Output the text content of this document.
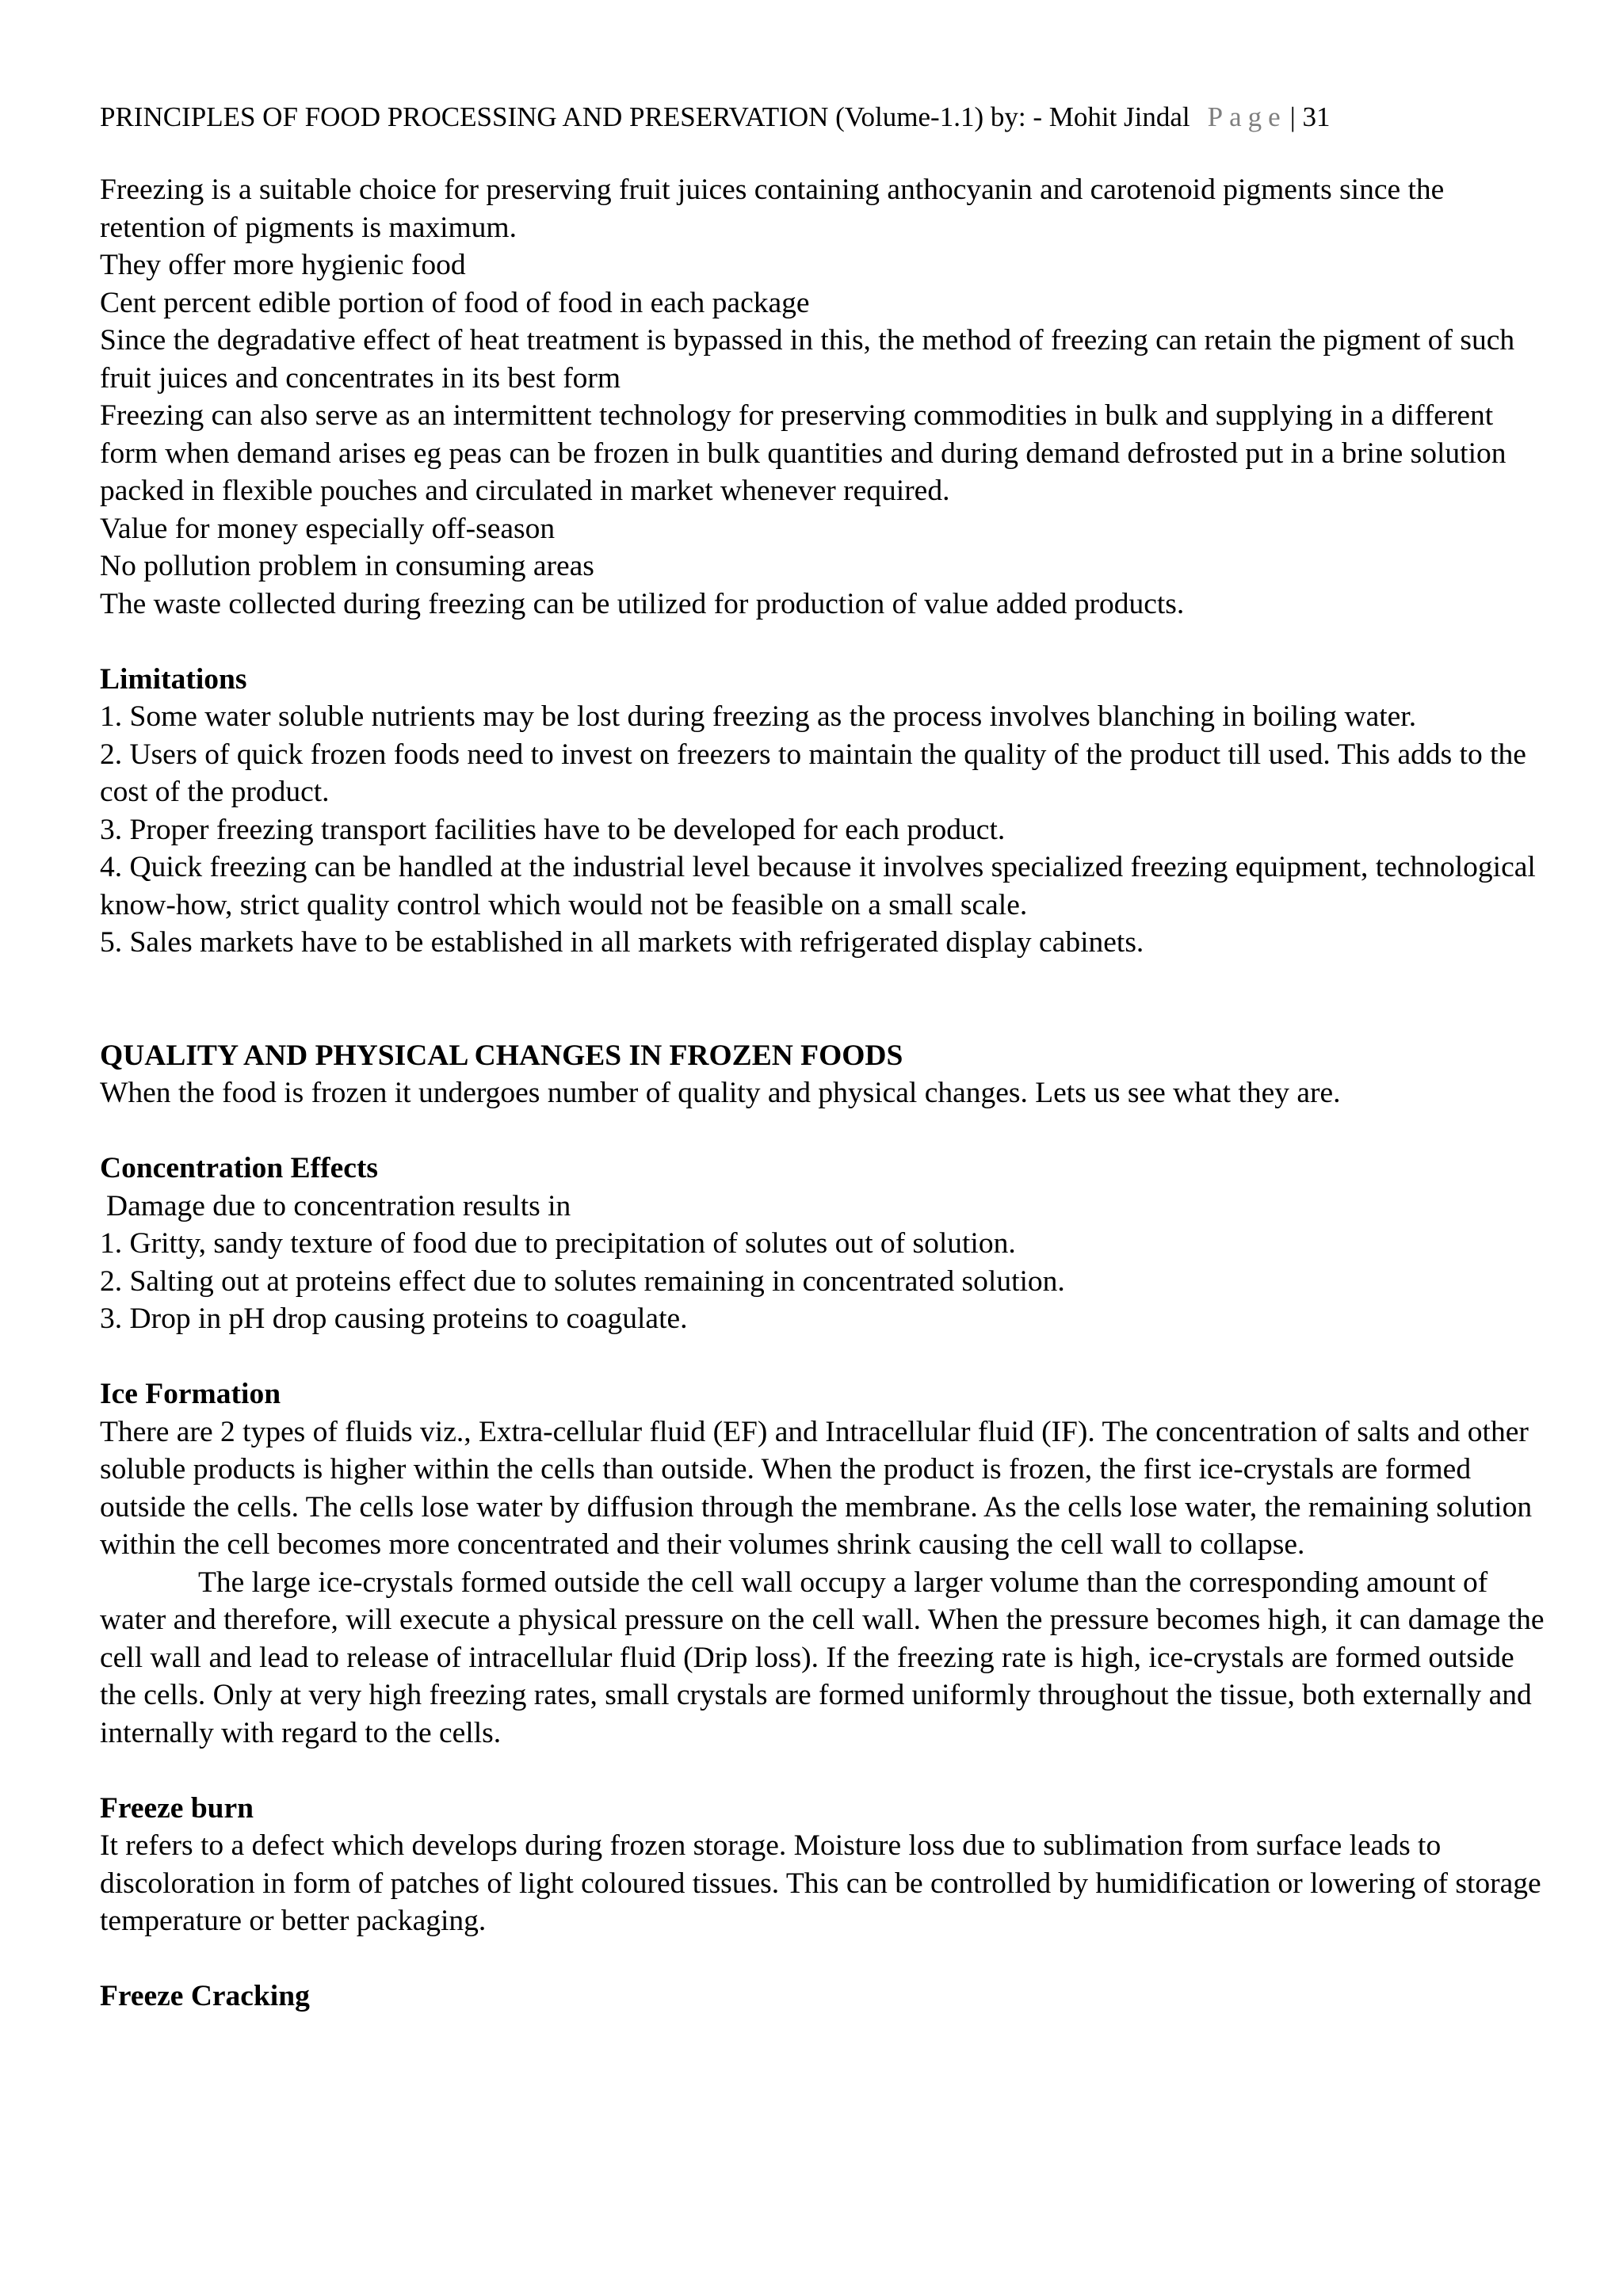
PRINCIPLES OF FOOD PROCESSING AND PRESERVATION (Volume-1.1) by: - Mohit Jindal Page | 31

Freezing is a suitable choice for preserving fruit juices containing anthocyanin and carotenoid pigments since the retention of pigments is maximum.

They offer more hygienic food

Cent percent edible portion of food of food in each package

Since the degradative effect of heat treatment is bypassed in this, the method of freezing can retain the pigment of such fruit juices and concentrates in its best form

Freezing can also serve as an intermittent technology for preserving commodities in bulk and supplying in a different form when demand arises eg peas can be frozen in bulk quantities and during demand defrosted put in a brine solution packed in flexible pouches and circulated in market whenever required.

Value for money especially off-season

No pollution problem in consuming areas

The waste collected during freezing can be utilized for production of value added products.

Limitations

1. Some water soluble nutrients may be lost during freezing as the process involves blanching in boiling water.

2. Users of quick frozen foods need to invest on freezers to maintain the quality of the product till used. This adds to the cost of the product.

3. Proper freezing transport facilities have to be developed for each product.

4. Quick freezing can be handled at the industrial level because it involves specialized freezing equipment, technological know-how, strict quality control which would not be feasible on a small scale.

5. Sales markets have to be established in all markets with refrigerated display cabinets.

QUALITY AND PHYSICAL CHANGES IN FROZEN FOODS

When the food is frozen it undergoes number of quality and physical changes. Lets us see what they are.

Concentration Effects

Damage due to concentration results in

1. Gritty, sandy texture of food due to precipitation of solutes out of solution.

2. Salting out at proteins effect due to solutes remaining in concentrated solution.

3. Drop in pH drop causing proteins to coagulate.

Ice Formation

There are 2 types of fluids viz., Extra-cellular fluid (EF) and Intracellular fluid (IF). The concentration of salts and other soluble products is higher within the cells than outside. When the product is frozen, the first ice-crystals are formed outside the cells. The cells lose water by diffusion through the membrane. As the cells lose water, the remaining solution within the cell becomes more concentrated and their volumes shrink causing the cell wall to collapse.

The large ice-crystals formed outside the cell wall occupy a larger volume than the corresponding amount of water and therefore, will execute a physical pressure on the cell wall. When the pressure becomes high, it can damage the cell wall and lead to release of intracellular fluid (Drip loss). If the freezing rate is high, ice-crystals are formed outside the cells. Only at very high freezing rates, small crystals are formed uniformly throughout the tissue, both externally and internally with regard to the cells.

Freeze burn

It refers to a defect which develops during frozen storage. Moisture loss due to sublimation from surface leads to discoloration in form of patches of light coloured tissues. This can be controlled by humidification or lowering of storage temperature or better packaging.

Freeze Cracking
